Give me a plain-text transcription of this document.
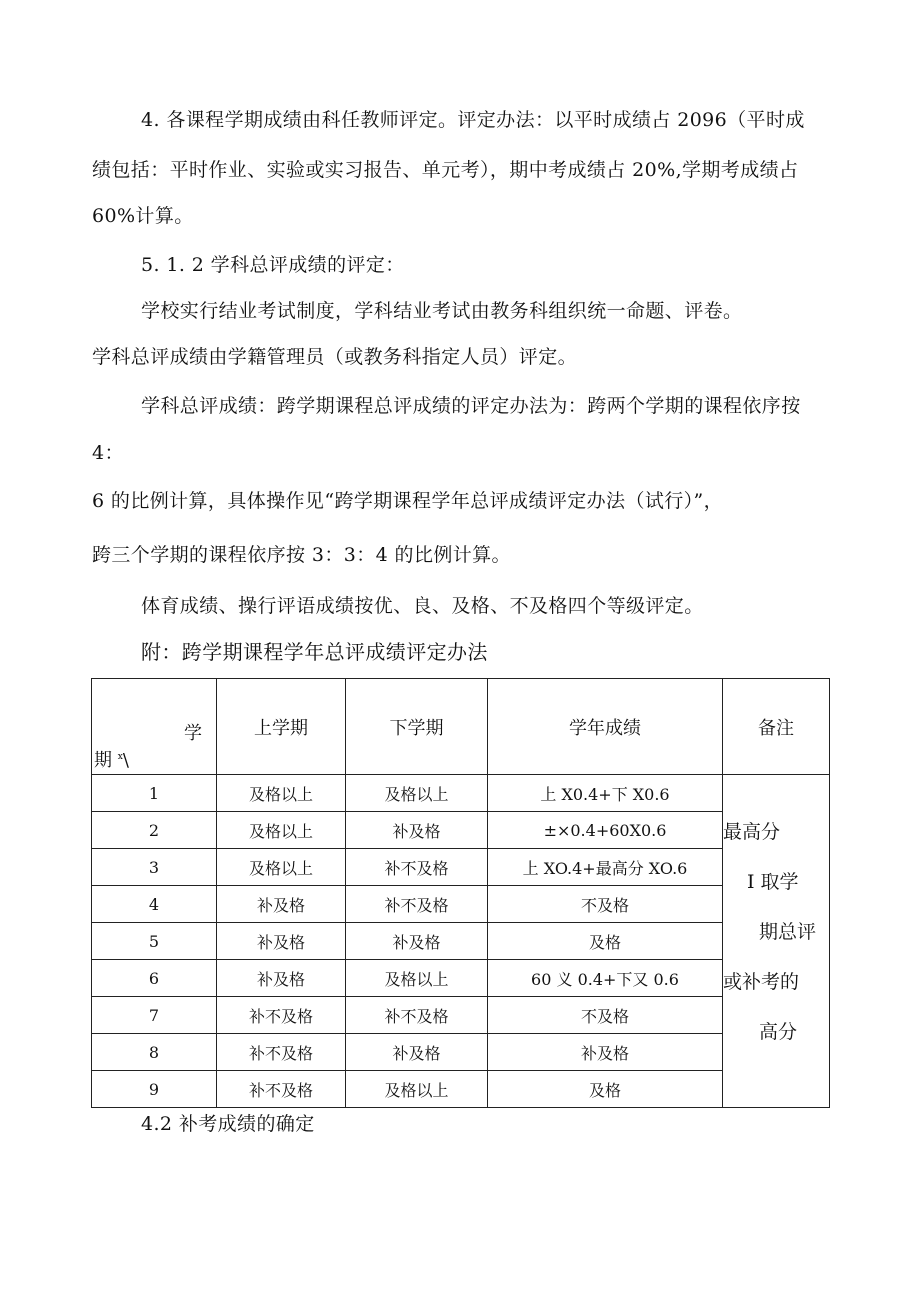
4. 各课程学期成绩由科任教师评定。评定办法：以平时成绩占 2096（平时成
绩包括：平时作业、实验或实习报告、单元考），期中考成绩占 20%,学期考成绩占
60%计算。
5. 1. 2 学科总评成绩的评定：
学校实行结业考试制度，学科结业考试由教务科组织统一命题、评卷。
学科总评成绩由学籍管理员（或教务科指定人员）评定。
学科总评成绩：跨学期课程总评成绩的评定办法为：跨两个学期的课程依序按
4：
6 的比例计算，具体操作见“跨学期课程学年总评成绩评定办法（试行）”，
跨三个学期的课程依序按 3：3：4 的比例计算。
体育成绩、操行评语成绩按优、良、及格、不及格四个等级评定。
附：跨学期课程学年总评成绩评定办法
学
期 $^x$\	上学期	下学期	学年成绩	备注
1	及格以上	及格以上	上 X0.4+下 X0.6	最高分
I 取学
期总评
或补考的
高分

2	及格以上	补及格	±×0.4+60X0.6	
3	及格以上	补不及格	上 XO.4+最高分 XO.6	
4	补及格	补不及格	不及格	
5	补及格	补及格	及格	
6	补及格	及格以上	60 义 0.4+下又 0.6	
7	补不及格	补不及格	不及格	
8	补不及格	补及格	补及格	
9	补不及格	及格以上	及格	
4.2 补考成绩的确定
